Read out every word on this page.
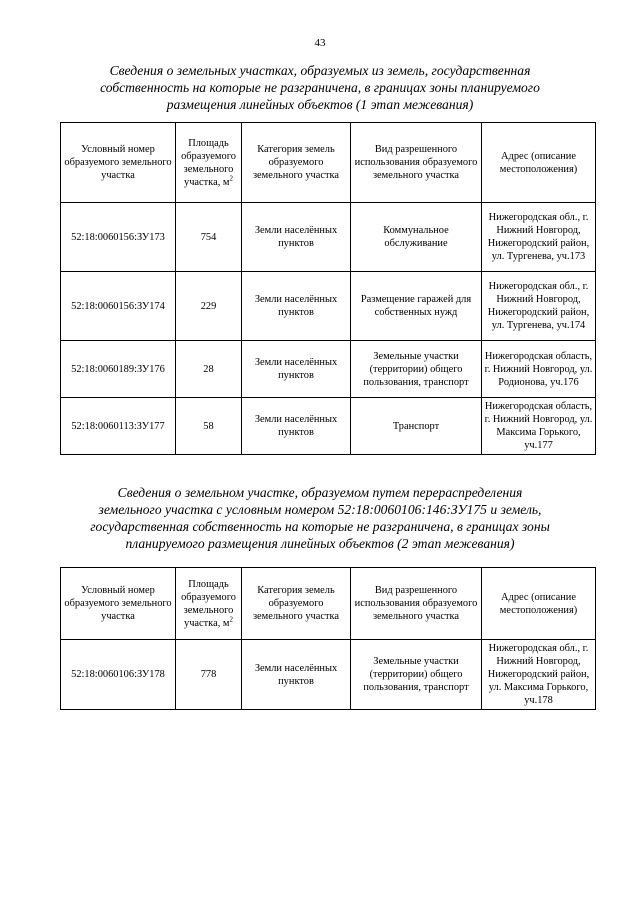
43
Сведения о земельных участках, образуемых из земель, государственная
собственность на которые не разграничена, в границах зоны планируемого
размещения линейных объектов (1 этап межевания)
Условный номер образуемого земельного участка	Площадь образуемого земельного участка, $м^2$	Категория земель образуемого земельного участка	Вид разрешенного использования образуемого земельного участка	Адрес (описание местоположения)
52:18:0060156:ЗУ173	754	Земли населённых пунктов	Коммунальное обслуживание	Нижегородская обл., г. Нижний Новгород, Нижегородский район, ул. Тургенева, уч.173
52:18:0060156:ЗУ174	229	Земли населённых пунктов	Размещение гаражей для собственных нужд	Нижегородская обл., г. Нижний Новгород, Нижегородский район, ул. Тургенева, уч.174
52:18:0060189:ЗУ176	28	Земли населённых пунктов	Земельные участки (территории) общего пользования, транспорт	Нижегородская область, г. Нижний Новгород, ул. Родионова, уч.176
52:18:0060113:ЗУ177	58	Земли населённых пунктов	Транспорт	Нижегородская область, г. Нижний Новгород, ул. Максима Горького, уч.177
Сведения о земельном участке, образуемом путем перераспределения
земельного участка с условным номером 52:18:0060106:146:ЗУ175 и земель,
государственная собственность на которые не разграничена, в границах зоны
планируемого размещения линейных объектов (2 этап межевания)
Условный номер образуемого земельного участка	Площадь образуемого земельного участка, $м^2$	Категория земель образуемого земельного участка	Вид разрешенного использования образуемого земельного участка	Адрес (описание местоположения)
52:18:0060106:ЗУ178	778	Земли населённых пунктов	Земельные участки (территории) общего пользования, транспорт	Нижегородская обл., г. Нижний Новгород, Нижегородский район, ул. Максима Горького, уч.178
